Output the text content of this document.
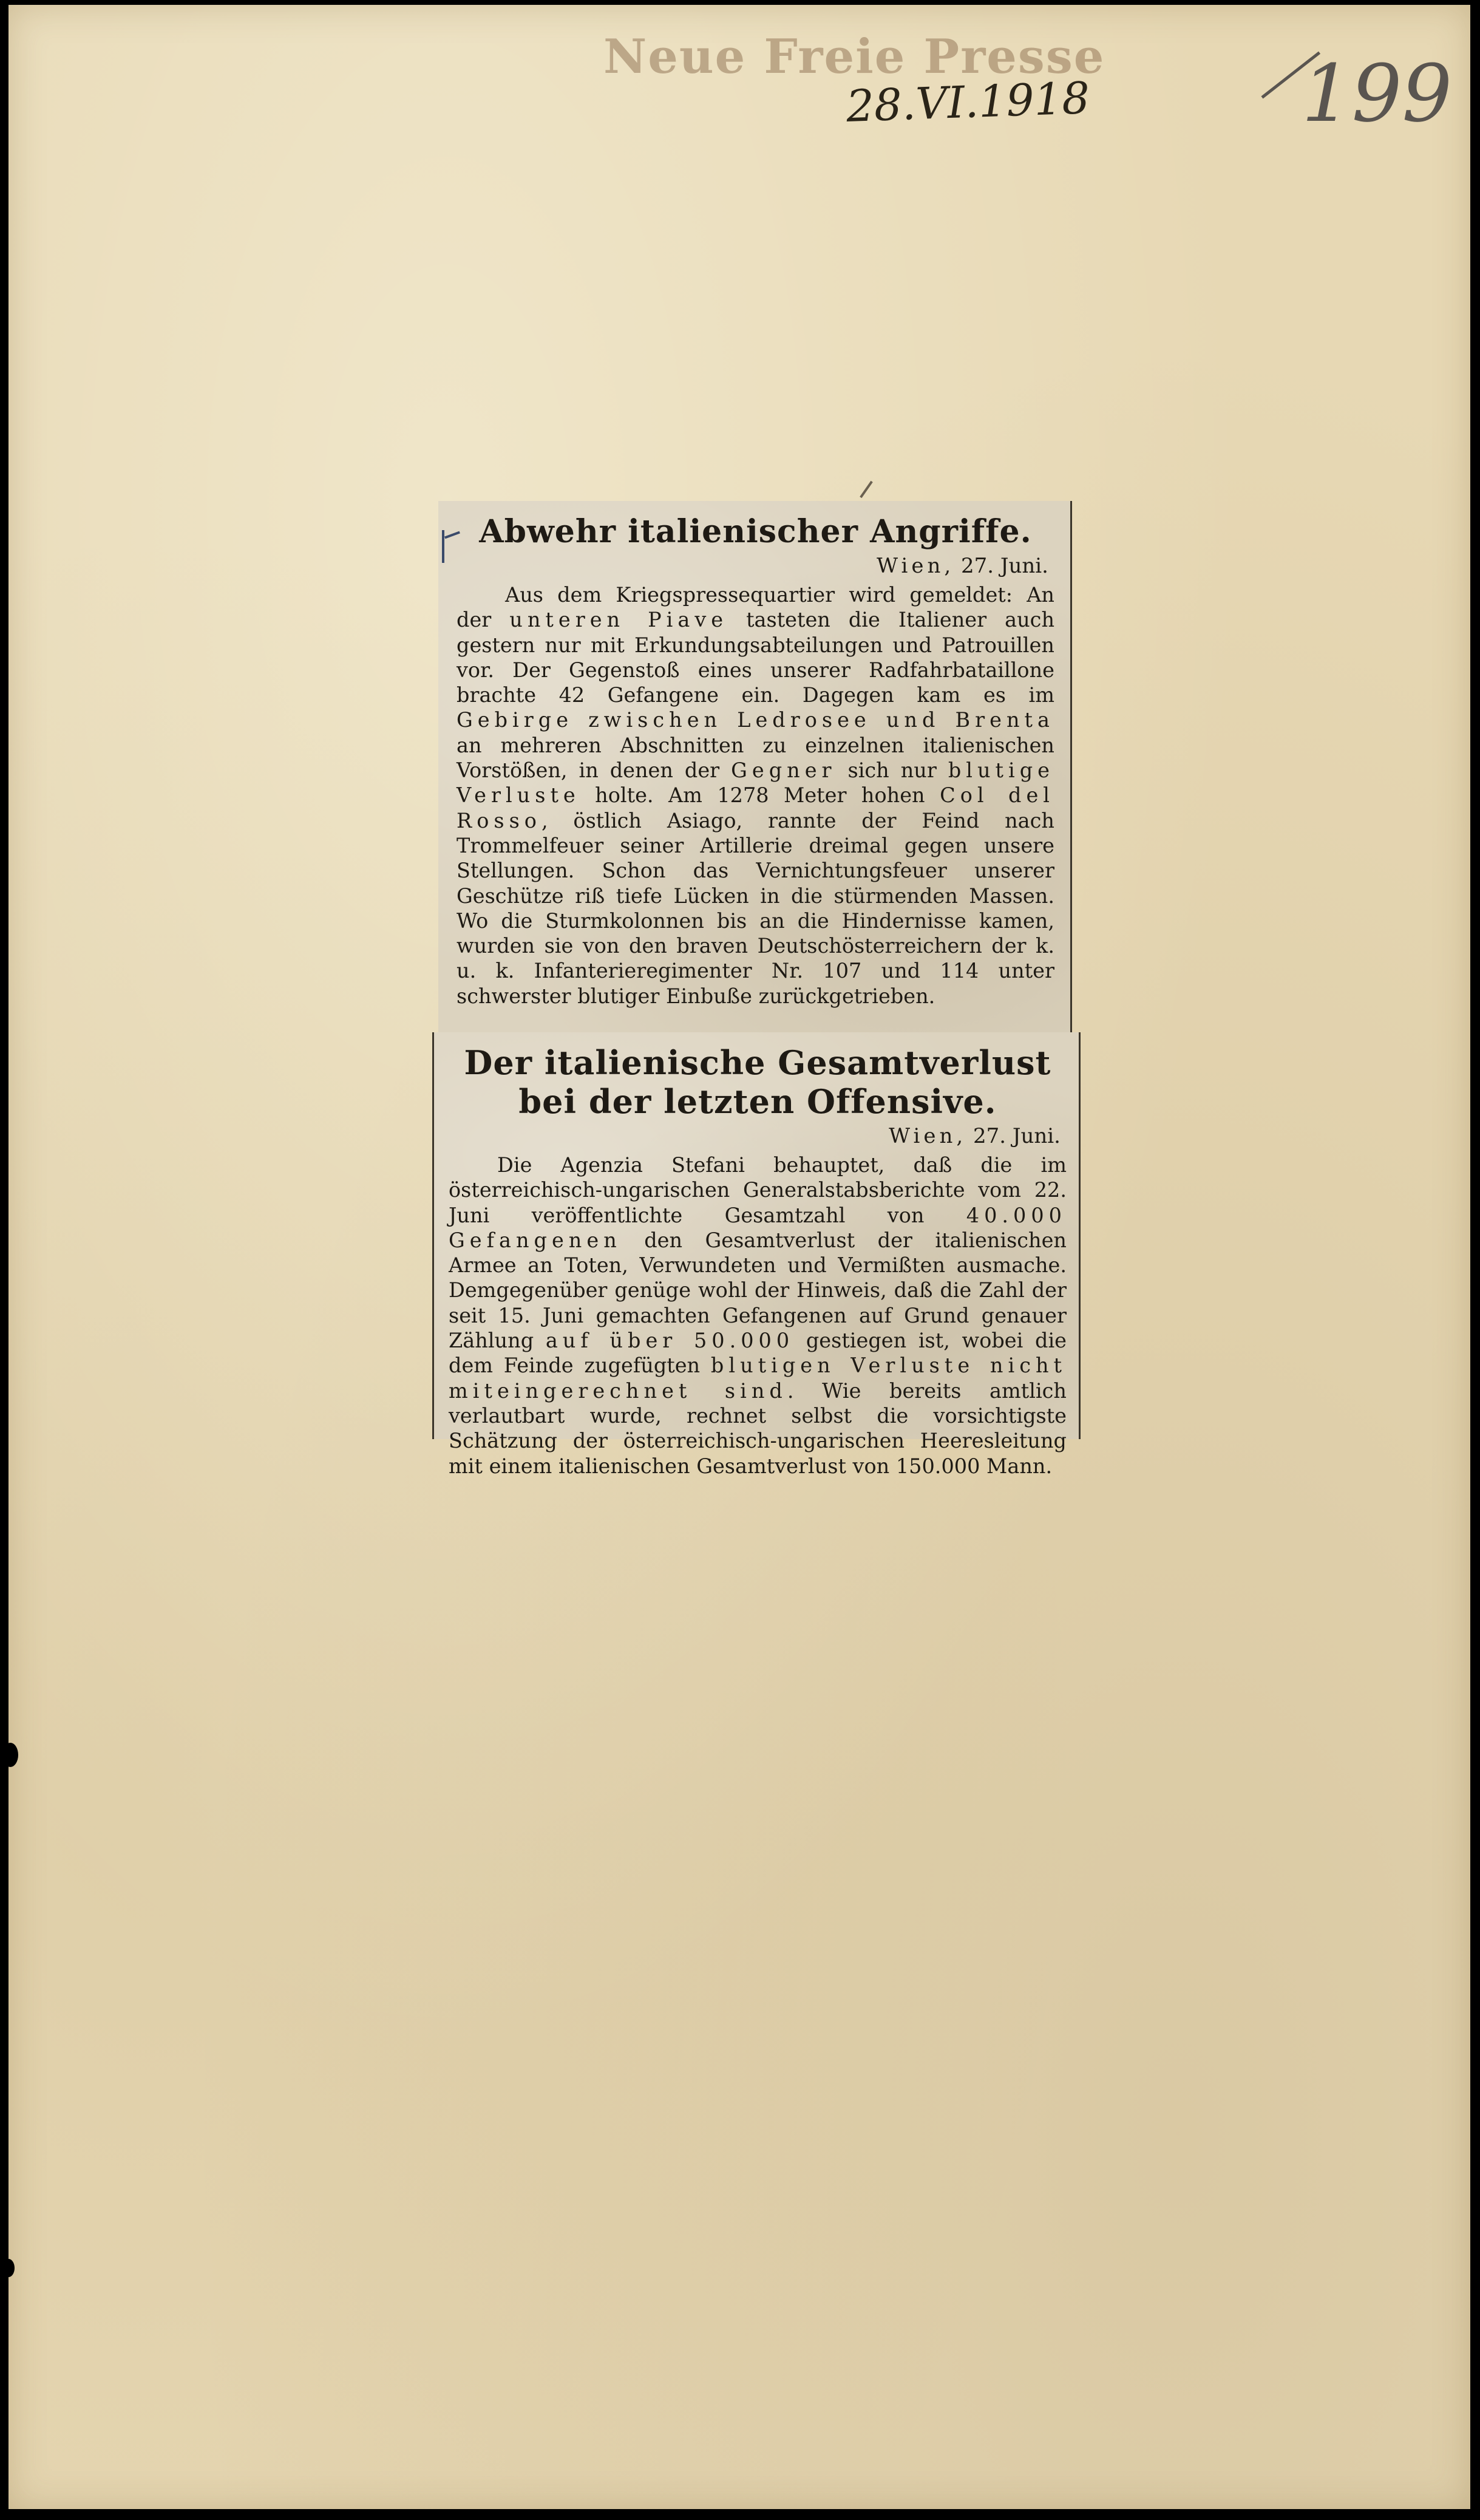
Neue Freie Presse
28.VI.1918	199
Abwehr italienischer Angriffe.
Wien, 27. Juni.

Aus dem Kriegspressequartier wird gemeldet: An der unteren Piave tasteten die Italiener auch gestern nur mit Erkundungsabteilungen und Patrouillen vor. Der Gegenstoß eines unserer Radfahrbataillone brachte 42 Gefangene ein. Dagegen kam es im Gebirge zwischen Ledrosee und Brenta an mehreren Abschnitten zu einzelnen italienischen Vorstößen, in denen der Gegner sich nur blutige Verluste holte. Am 1278 Meter hohen Col del Rosso, östlich Asiago, rannte der Feind nach Trommelfeuer seiner Artillerie dreimal gegen unsere Stellungen. Schon das Vernichtungsfeuer unserer Geschütze riß tiefe Lücken in die stürmenden Massen. Wo die Sturmkolonnen bis an die Hindernisse kamen, wurden sie von den braven Deutschösterreichern der k. u. k. Infanterieregimenter Nr. 107 und 114 unter schwerster blutiger Einbuße zurückgetrieben.

Der italienische Gesamtverlust bei der letzten Offensive.
Wien, 27. Juni.

Die Agenzia Stefani behauptet, daß die im österreichisch-ungarischen Generalstabsberichte vom 22. Juni veröffentlichte Gesamtzahl von 40.000 Gefangenen den Gesamtverlust der italienischen Armee an Toten, Verwundeten und Vermißten ausmache. Demgegenüber genüge wohl der Hinweis, daß die Zahl der seit 15. Juni gemachten Gefangenen auf Grund genauer Zählung auf über 50.000 gestiegen ist, wobei die dem Feinde zugefügten blutigen Verluste nicht miteingerechnet sind. Wie bereits amtlich verlautbart wurde, rechnet selbst die vorsichtigste Schätzung der österreichisch-ungarischen Heeresleitung mit einem italienischen Gesamtverlust von 150.000 Mann.
